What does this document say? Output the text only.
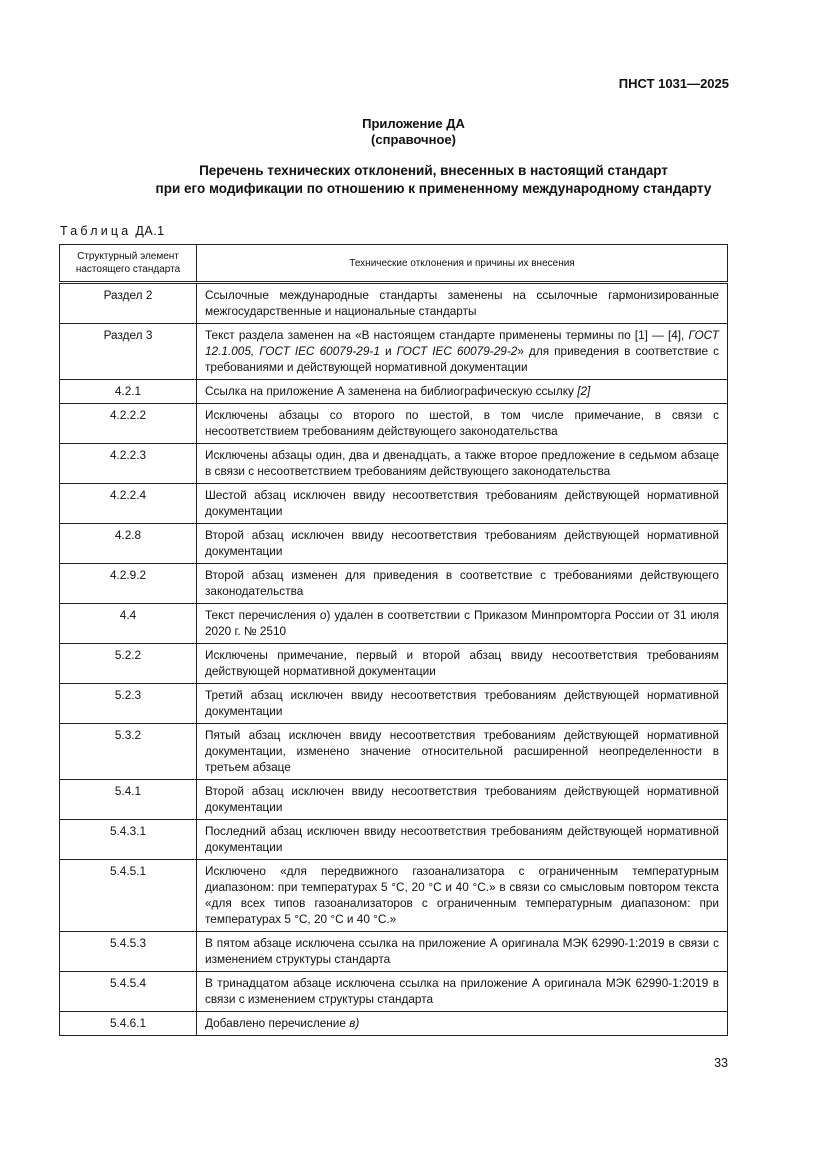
ПНСТ 1031—2025
Приложение ДА
(справочное)
Перечень технических отклонений, внесенных в настоящий стандарт
при его модификации по отношению к примененному международному стандарту
Таблица ДА.1
Структурный элемент настоящего стандарта	Технические отклонения и причины их внесения
Раздел 2	Ссылочные международные стандарты заменены на ссылочные гармонизированные межгосударственные и национальные стандарты
Раздел 3	Текст раздела заменен на «В настоящем стандарте применены термины по [1] — [4], ГОСТ 12.1.005, ГОСТ IEC 60079-29-1 и ГОСТ IEC 60079-29-2» для приведения в соответствие с требованиями и действующей нормативной документации
4.2.1	Ссылка на приложение А заменена на библиографическую ссылку [2]
4.2.2.2	Исключены абзацы со второго по шестой, в том числе примечание, в связи с несоответствием требованиям действующего законодательства
4.2.2.3	Исключены абзацы один, два и двенадцать, а также второе предложение в седьмом абзаце в связи с несоответствием требованиям действующего законодательства
4.2.2.4	Шестой абзац исключен ввиду несоответствия требованиям действующей нормативной документации
4.2.8	Второй абзац исключен ввиду несоответствия требованиям действующей нормативной документации
4.2.9.2	Второй абзац изменен для приведения в соответствие с требованиями действующего законодательства
4.4	Текст перечисления о) удален в соответствии с Приказом Минпромторга России от 31 июля 2020 г. № 2510
5.2.2	Исключены примечание, первый и второй абзац ввиду несоответствия требованиям действующей нормативной документации
5.2.3	Третий абзац исключен ввиду несоответствия требованиям действующей нормативной документации
5.3.2	Пятый абзац исключен ввиду несоответствия требованиям действующей нормативной документации, изменено значение относительной расширенной неопределенности в третьем абзаце
5.4.1	Второй абзац исключен ввиду несоответствия требованиям действующей нормативной документации
5.4.3.1	Последний абзац исключен ввиду несоответствия требованиям действующей нормативной документации
5.4.5.1	Исключено «для передвижного газоанализатора с ограниченным температурным диапазоном: при температурах 5 °С, 20 °С и 40 °С.» в связи со смысловым повтором текста «для всех типов газоанализаторов с ограниченным температурным диапазоном: при температурах 5 °С, 20 °С и 40 °С.»
5.4.5.3	В пятом абзаце исключена ссылка на приложение А оригинала МЭК 62990-1:2019 в связи с изменением структуры стандарта
5.4.5.4	В тринадцатом абзаце исключена ссылка на приложение А оригинала МЭК 62990-1:2019 в связи с изменением структуры стандарта
5.4.6.1	Добавлено перечисление в)
33
